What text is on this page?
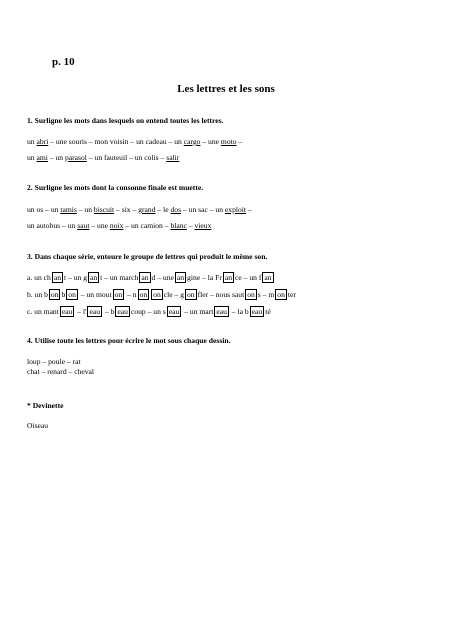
p. 10
Les lettres et les sons
1. Surligne les mots dans lesquels on entend toutes les lettres.
un abri – une souris – mon voisin – un cadeau – un cargo – une moto –
un ami – un parasol – un fauteuil – un colis – salir
2. Surligne les mots dont la consonne finale est muette.
un os – un tamis – un biscuit – six – grand – le dos – un sac – un exploit –
un autobus – un saut – une noix – un camion – blanc – vieux
3. Dans chaque série, entoure le groupe de lettres qui produit le même son.
a. un ch an t – un g an t – un march an d – une an gine – la Fr an ce – un f an
b. un b on b on – un mout on – n on on cle – g on fler – nous saut on s – m on ter
c. un mant eau – l' eau – b eau coup – un s eau – un mart eau – la b eau té
4. Utilise toute les lettres pour écrire le mot sous chaque dessin.
loup – poule – rat
chat – renard – cheval
* Devinette
Oiseau
